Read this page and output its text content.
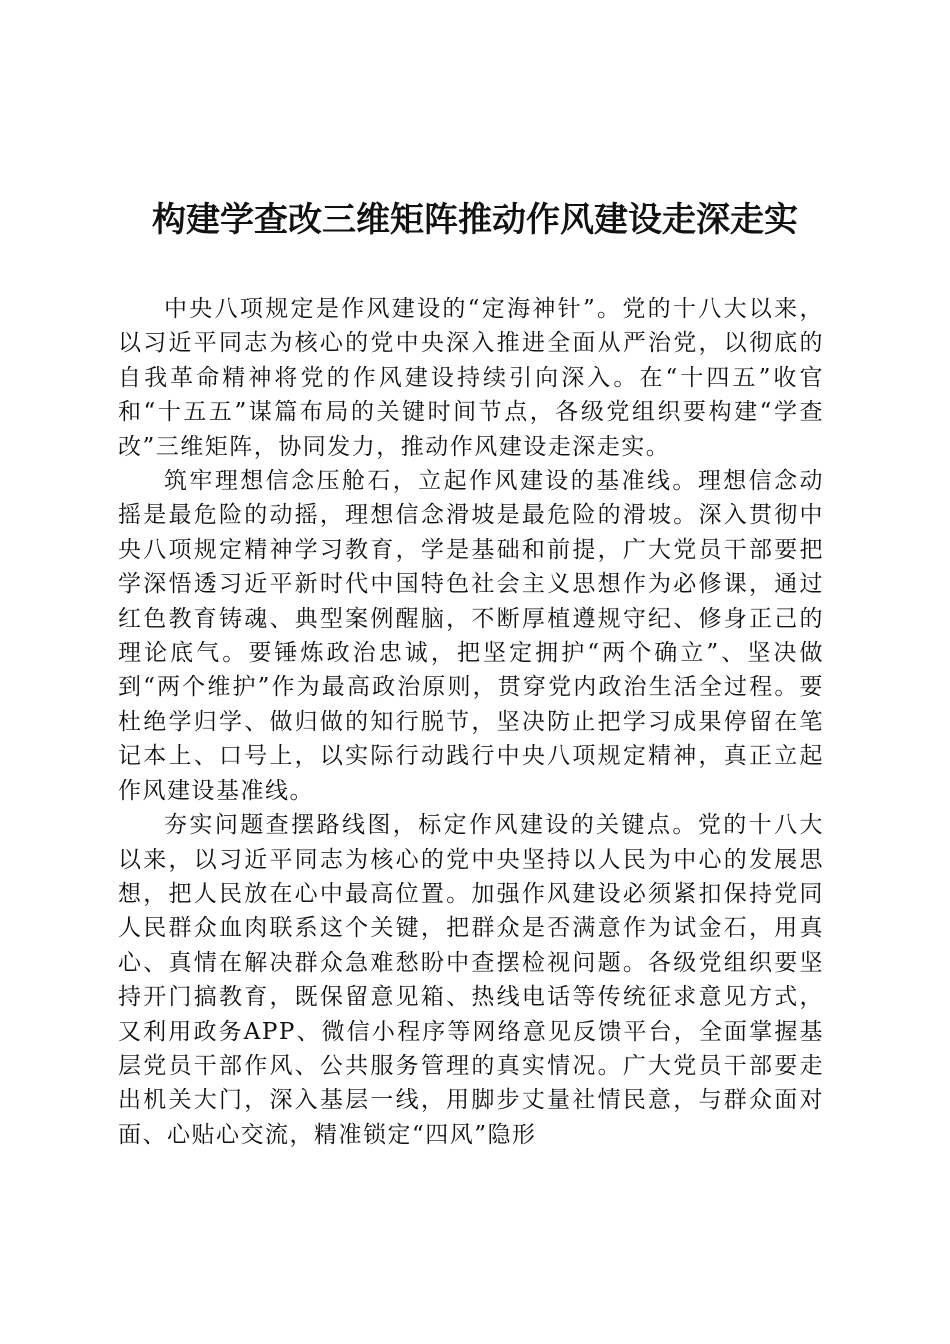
构建学查改三维矩阵推动作风建设走深走实

中央八项规定是作风建设的“定海神针”。党的十八大以来，以习近平同志为核心的党中央深入推进全面从严治党，以彻底的自我革命精神将党的作风建设持续引向深入。在“十四五”收官和“十五五”谋篇布局的关键时间节点，各级党组织要构建“学查改”三维矩阵，协同发力，推动作风建设走深走实。

筑牢理想信念压舱石，立起作风建设的基准线。理想信念动摇是最危险的动摇，理想信念滑坡是最危险的滑坡。深入贯彻中央八项规定精神学习教育，学是基础和前提，广大党员干部要把学深悟透习近平新时代中国特色社会主义思想作为必修课，通过红色教育铸魂、典型案例醒脑，不断厚植遵规守纪、修身正己的理论底气。要锤炼政治忠诚，把坚定拥护“两个确立”、坚决做到“两个维护”作为最高政治原则，贯穿党内政治生活全过程。要杜绝学归学、做归做的知行脱节，坚决防止把学习成果停留在笔记本上、口号上，以实际行动践行中央八项规定精神，真正立起作风建设基准线。

夯实问题查摆路线图，标定作风建设的关键点。党的十八大以来，以习近平同志为核心的党中央坚持以人民为中心的发展思想，把人民放在心中最高位置。加强作风建设必须紧扣保持党同人民群众血肉联系这个关键，把群众是否满意作为试金石，用真心、真情在解决群众急难愁盼中查摆检视问题。各级党组织要坚持开门搞教育，既保留意见箱、热线电话等传统征求意见方式，又利用政务APP、微信小程序等网络意见反馈平台，全面掌握基层党员干部作风、公共服务管理的真实情况。广大党员干部要走出机关大门，深入基层一线，用脚步丈量社情民意，与群众面对面、心贴心交流，精准锁定“四风”隐形
